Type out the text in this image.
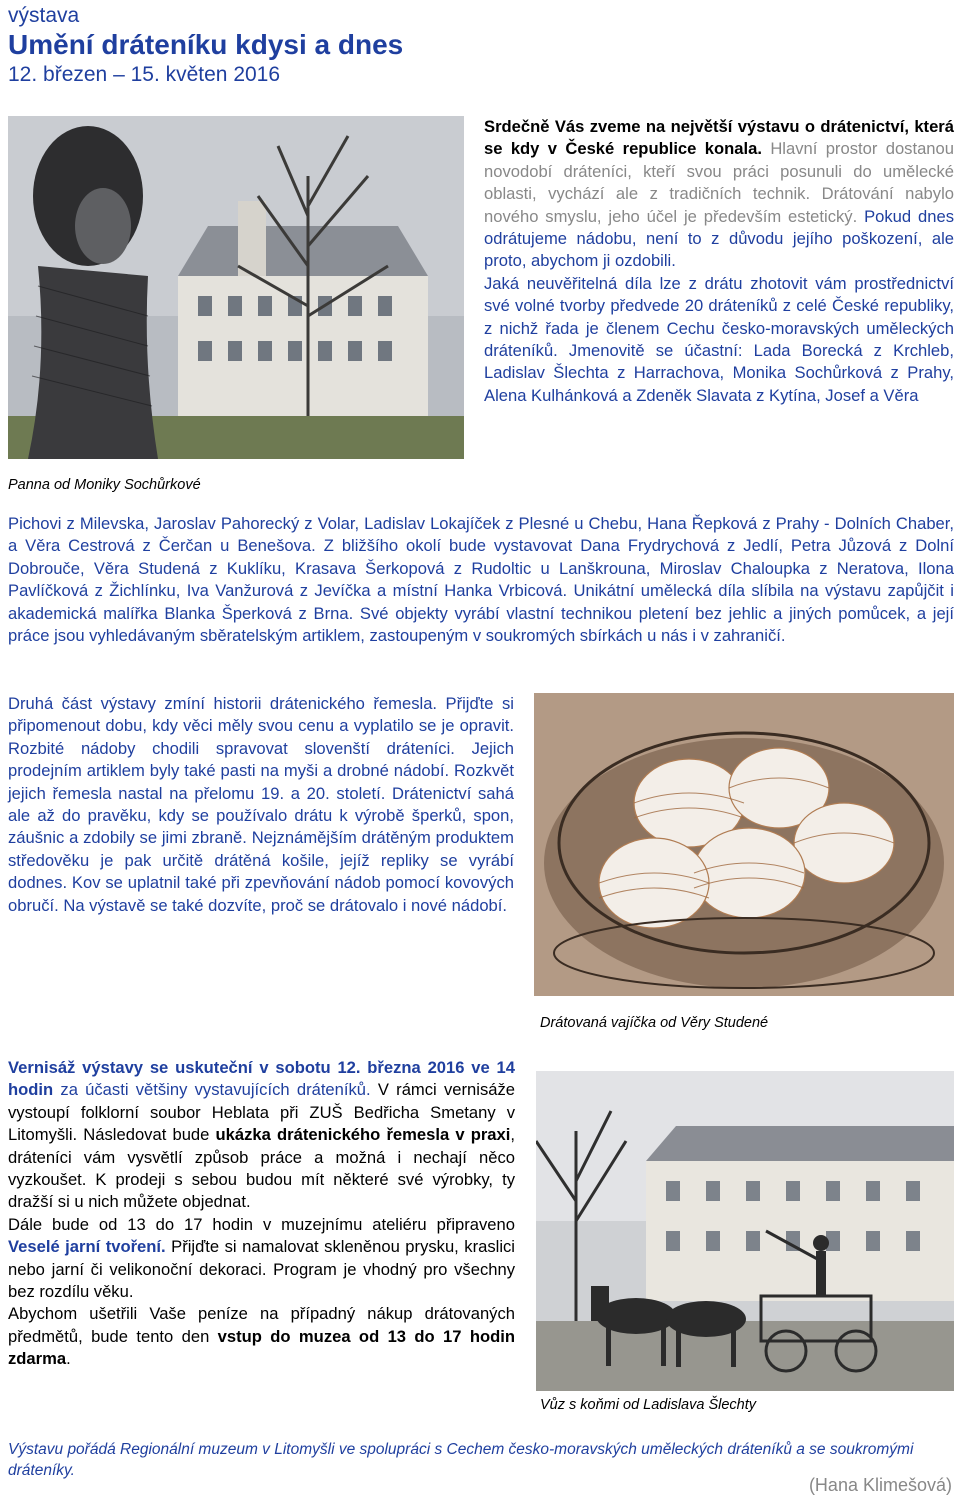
výstava
Umění dráteníku kdysi a dnes
12. březen – 15. květen 2016
Panna od Moniky Sochůrkové

Srdečně Vás zveme na největší výstavu o drátenictví, která se kdy v České republice konala. Hlavní prostor dostanou novodobí dráteníci, kteří svou práci posunuli do umělecké oblasti, vychází ale z tradičních technik. Drátování nabylo nového smyslu, jeho účel je především estetický. Pokud dnes odrátujeme nádobu, není to z důvodu jejího poškození, ale proto, abychom ji ozdobili.

Jaká neuvěřitelná díla lze z drátu zhotovit vám prostřednictví své volné tvorby předvede 20 dráteníků z celé České republiky, z nichž řada je členem Cechu česko-moravských uměleckých dráteníků. Jmenovitě se účastní: Lada Borecká z Krchleb, Ladislav Šlechta z Harrachova, Monika Sochůrková z Prahy, Alena Kulhánková a Zdeněk Slavata z Kytína, Josef a Věra

Pichovi z Milevska, Jaroslav Pahorecký z Volar, Ladislav Lokajíček z Plesné u Chebu, Hana Řepková z Prahy - Dolních Chaber, a Věra Cestrová z Čerčan u Benešova. Z bližšího okolí bude vystavovat Dana Frydrychová z Jedlí, Petra Jůzová z Dolní Dobrouče, Věra Studená z Kuklíku, Krasava Šerkopová z Rudoltic u Lanškrouna, Miroslav Chaloupka z Neratova, Ilona Pavlíčková z Žichlínku, Iva Vanžurová z Jevíčka a místní Hanka Vrbicová. Unikátní umělecká díla slíbila na výstavu zapůjčit i akademická malířka Blanka Šperková z Brna. Své objekty vyrábí vlastní technikou pletení bez jehlic a jiných pomůcek, a její práce jsou vyhledávaným sběratelským artiklem, zastoupeným v soukromých sbírkách u nás i v zahraničí.

Druhá část výstavy zmíní historii drátenického řemesla. Přijďte si připomenout dobu, kdy věci měly svou cenu a vyplatilo se je opravit. Rozbité nádoby chodili spravovat slovenští dráteníci. Jejich prodejním artiklem byly také pasti na myši a drobné nádobí. Rozkvět jejich řemesla nastal na přelomu 19. a 20. století. Drátenictví sahá ale až do pravěku, kdy se používalo drátu k výrobě šperků, spon, záušnic a zdobily se jimi zbraně. Nejznámějším drátěným produktem středověku je pak určitě drátěná košile, jejíž repliky se vyrábí dodnes. Kov se uplatnil také při zpevňování nádob pomocí kovových obručí. Na výstavě se také dozvíte, proč se drátovalo i nové nádobí.

Drátovaná vajíčka od Věry Studené

Vernisáž výstavy se uskuteční v sobotu 12. března 2016 ve 14 hodin za účasti většiny vystavujících dráteníků. V rámci vernisáže vystoupí folklorní soubor Heblata při ZUŠ Bedřicha Smetany v Litomyšli. Následovat bude ukázka drátenického řemesla v praxi, dráteníci vám vysvětlí způsob práce a možná i nechají něco vyzkoušet. K prodeji s sebou budou mít některé své výrobky, ty dražší si u nich můžete objednat.

Dále bude od 13 do 17 hodin v muzejnímu ateliéru připraveno Veselé jarní tvoření. Přijďte si namalovat skleněnou prysku, kraslici nebo jarní či velikonoční dekoraci. Program je vhodný pro všechny bez rozdílu věku.

Abychom ušetřili Vaše peníze na případný nákup drátovaných předmětů, bude tento den vstup do muzea od 13 do 17 hodin zdarma.

Vůz s koňmi od Ladislava Šlechty
Výstavu pořádá Regionální muzeum v Litomyšli ve spolupráci s Cechem česko-moravských uměleckých dráteníků a se soukromými dráteníky.
(Hana Klimešová)
